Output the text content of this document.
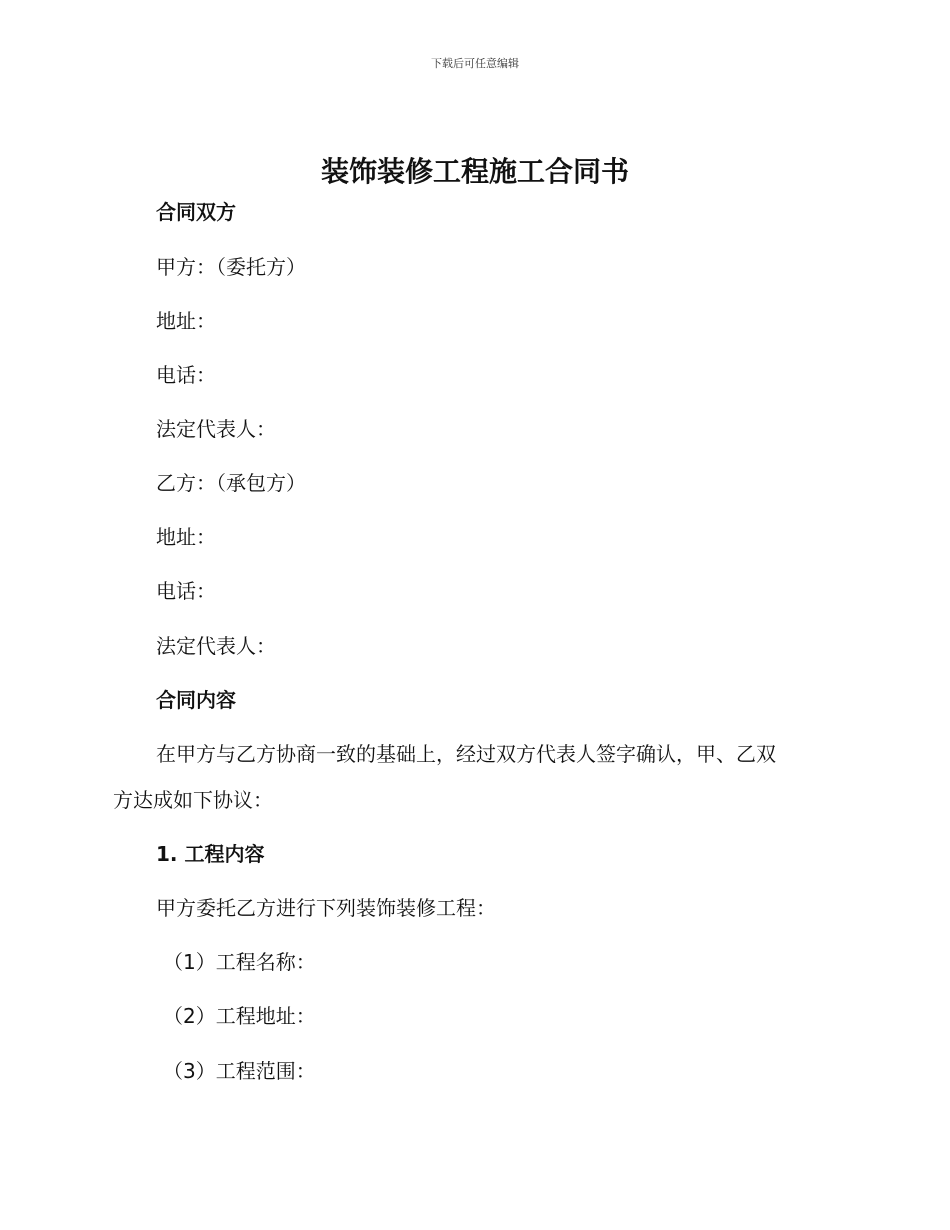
下载后可任意编辑
装饰装修工程施工合同书
合同双方
甲方：（委托方）
地址：
电话：
法定代表人：
乙方：（承包方）
地址：
电话：
法定代表人：
合同内容
在甲方与乙方协商一致的基础上，经过双方代表人签字确认，甲、乙双
方达成如下协议：
1. 工程内容
甲方委托乙方进行下列装饰装修工程：
（1）工程名称：
（2）工程地址：
（3）工程范围：
